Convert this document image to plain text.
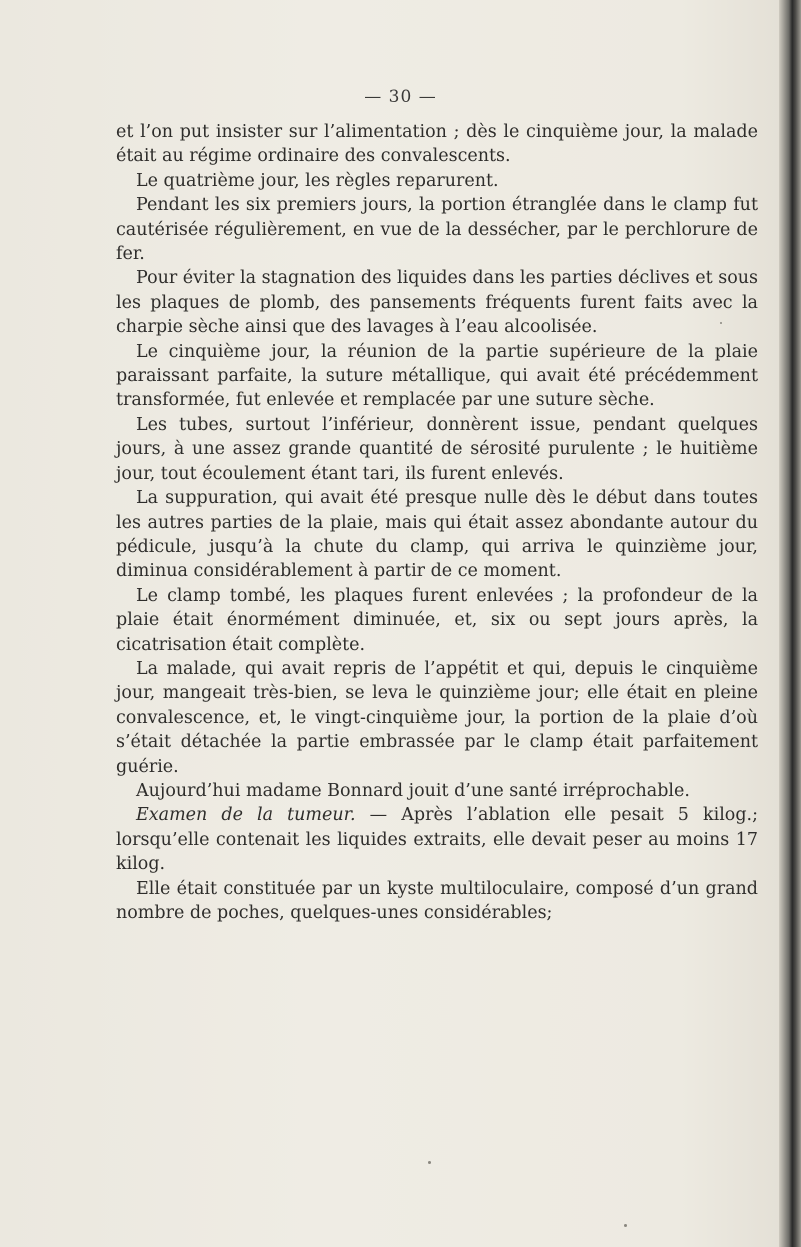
— 30 —

et l’on put insister sur l’alimentation ; dès le cinquième jour, la malade était au régime ordinaire des convalescents.

Le quatrième jour, les règles reparurent.

Pendant les six premiers jours, la portion étranglée dans le clamp fut cautérisée régulièrement, en vue de la dessécher, par le perchlorure de fer.

Pour éviter la stagnation des liquides dans les parties déclives et sous les plaques de plomb, des pansements fréquents furent faits avec la charpie sèche ainsi que des lavages à l’eau alcoolisée.

Le cinquième jour, la réunion de la partie supérieure de la plaie paraissant parfaite, la suture métallique, qui avait été précédemment transformée, fut enlevée et remplacée par une suture sèche.

Les tubes, surtout l’inférieur, donnèrent issue, pendant quelques jours, à une assez grande quantité de sérosité purulente ; le huitième jour, tout écoulement étant tari, ils furent enlevés.

La suppuration, qui avait été presque nulle dès le début dans toutes les autres parties de la plaie, mais qui était assez abondante autour du pédicule, jusqu’à la chute du clamp, qui arriva le quinzième jour, diminua considérablement à partir de ce moment.

Le clamp tombé, les plaques furent enlevées ; la profondeur de la plaie était énormément diminuée, et, six ou sept jours après, la cicatrisation était complète.

La malade, qui avait repris de l’appétit et qui, depuis le cinquième jour, mangeait très-bien, se leva le quinzième jour; elle était en pleine convalescence, et, le vingt-cinquième jour, la portion de la plaie d’où s’était détachée la partie embrassée par le clamp était parfaitement guérie.

Aujourd’hui madame Bonnard jouit d’une santé irréprochable.

Examen de la tumeur. — Après l’ablation elle pesait 5 kilog.; lorsqu’elle contenait les liquides extraits, elle devait peser au moins 17 kilog.

Elle était constituée par un kyste multiloculaire, composé d’un grand nombre de poches, quelques-unes considérables;
